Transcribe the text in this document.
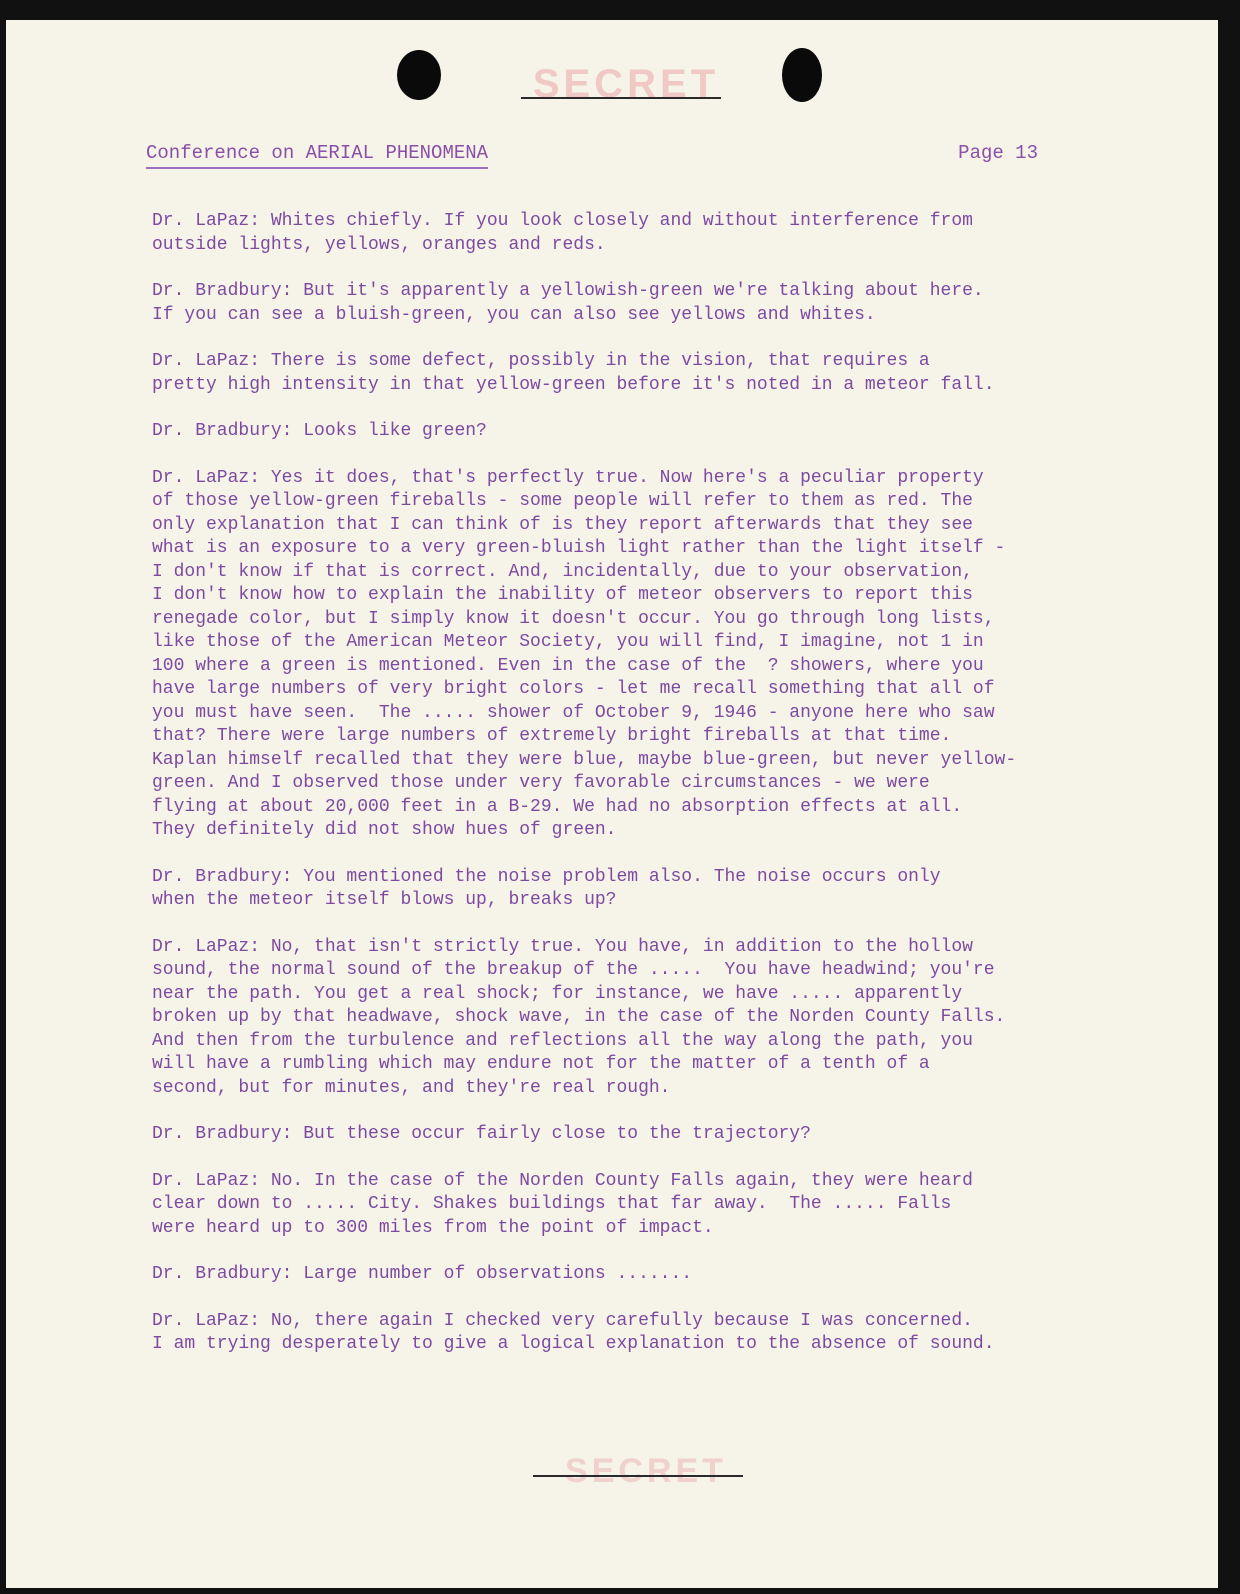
SECRET
Conference on AERIAL PHENOMENA	Page 13
Dr. LaPaz: Whites chiefly. If you look closely and without interference from
outside lights, yellows, oranges and reds.
Dr. Bradbury: But it's apparently a yellowish-green we're talking about here.
If you can see a bluish-green, you can also see yellows and whites.
Dr. LaPaz: There is some defect, possibly in the vision, that requires a
pretty high intensity in that yellow-green before it's noted in a meteor fall.
Dr. Bradbury: Looks like green?
Dr. LaPaz: Yes it does, that's perfectly true. Now here's a peculiar property
of those yellow-green fireballs - some people will refer to them as red. The
only explanation that I can think of is they report afterwards that they see
what is an exposure to a very green-bluish light rather than the light itself -
I don't know if that is correct. And, incidentally, due to your observation,
I don't know how to explain the inability of meteor observers to report this
renegade color, but I simply know it doesn't occur. You go through long lists,
like those of the American Meteor Society, you will find, I imagine, not 1 in
100 where a green is mentioned. Even in the case of the  ? showers, where you
have large numbers of very bright colors - let me recall something that all of
you must have seen.  The ..... shower of October 9, 1946 - anyone here who saw
that? There were large numbers of extremely bright fireballs at that time.
Kaplan himself recalled that they were blue, maybe blue-green, but never yellow-
green. And I observed those under very favorable circumstances - we were
flying at about 20,000 feet in a B-29. We had no absorption effects at all.
They definitely did not show hues of green.
Dr. Bradbury: You mentioned the noise problem also. The noise occurs only
when the meteor itself blows up, breaks up?
Dr. LaPaz: No, that isn't strictly true. You have, in addition to the hollow
sound, the normal sound of the breakup of the .....  You have headwind; you're
near the path. You get a real shock; for instance, we have ..... apparently
broken up by that headwave, shock wave, in the case of the Norden County Falls.
And then from the turbulence and reflections all the way along the path, you
will have a rumbling which may endure not for the matter of a tenth of a
second, but for minutes, and they're real rough.
Dr. Bradbury: But these occur fairly close to the trajectory?
Dr. LaPaz: No. In the case of the Norden County Falls again, they were heard
clear down to ..... City. Shakes buildings that far away.  The ..... Falls
were heard up to 300 miles from the point of impact.
Dr. Bradbury: Large number of observations .......
Dr. LaPaz: No, there again I checked very carefully because I was concerned.
I am trying desperately to give a logical explanation to the absence of sound.
SECRET
